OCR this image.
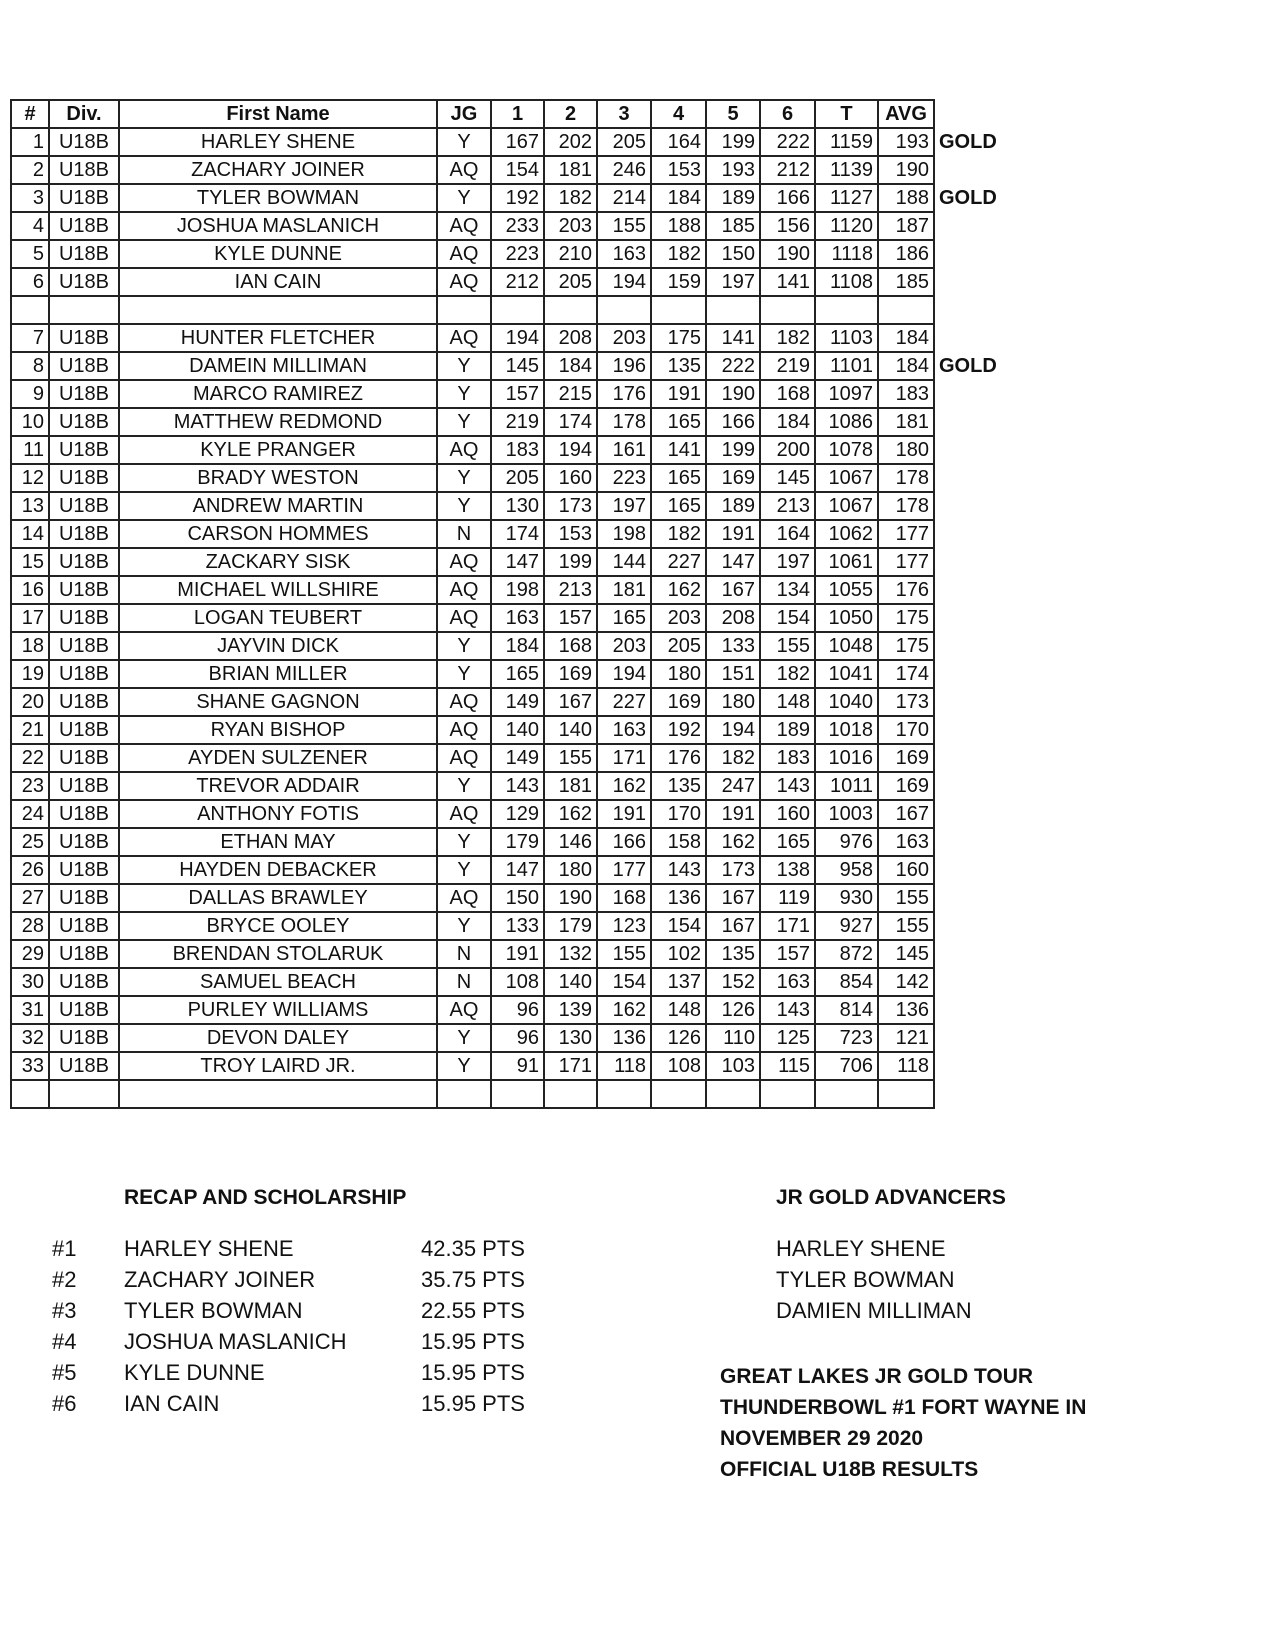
#	Div.	First Name	JG	1	2	3	4	5	6	T	AVG	
1	U18B	HARLEY SHENE	Y	167	202	205	164	199	222	1159	193	GOLD
2	U18B	ZACHARY JOINER	AQ	154	181	246	153	193	212	1139	190	
3	U18B	TYLER BOWMAN	Y	192	182	214	184	189	166	1127	188	GOLD
4	U18B	JOSHUA MASLANICH	AQ	233	203	155	188	185	156	1120	187	
5	U18B	KYLE DUNNE	AQ	223	210	163	182	150	190	1118	186	
6	U18B	IAN CAIN	AQ	212	205	194	159	197	141	1108	185	

7	U18B	HUNTER FLETCHER	AQ	194	208	203	175	141	182	1103	184	
8	U18B	DAMEIN MILLIMAN	Y	145	184	196	135	222	219	1101	184	GOLD
9	U18B	MARCO RAMIREZ	Y	157	215	176	191	190	168	1097	183	
10	U18B	MATTHEW REDMOND	Y	219	174	178	165	166	184	1086	181	
11	U18B	KYLE PRANGER	AQ	183	194	161	141	199	200	1078	180	
12	U18B	BRADY WESTON	Y	205	160	223	165	169	145	1067	178	
13	U18B	ANDREW MARTIN	Y	130	173	197	165	189	213	1067	178	
14	U18B	CARSON HOMMES	N	174	153	198	182	191	164	1062	177	
15	U18B	ZACKARY SISK	AQ	147	199	144	227	147	197	1061	177	
16	U18B	MICHAEL WILLSHIRE	AQ	198	213	181	162	167	134	1055	176	
17	U18B	LOGAN TEUBERT	AQ	163	157	165	203	208	154	1050	175	
18	U18B	JAYVIN DICK	Y	184	168	203	205	133	155	1048	175	
19	U18B	BRIAN MILLER	Y	165	169	194	180	151	182	1041	174	
20	U18B	SHANE GAGNON	AQ	149	167	227	169	180	148	1040	173	
21	U18B	RYAN BISHOP	AQ	140	140	163	192	194	189	1018	170	
22	U18B	AYDEN SULZENER	AQ	149	155	171	176	182	183	1016	169	
23	U18B	TREVOR ADDAIR	Y	143	181	162	135	247	143	1011	169	
24	U18B	ANTHONY FOTIS	AQ	129	162	191	170	191	160	1003	167	
25	U18B	ETHAN MAY	Y	179	146	166	158	162	165	976	163	
26	U18B	HAYDEN DEBACKER	Y	147	180	177	143	173	138	958	160	
27	U18B	DALLAS BRAWLEY	AQ	150	190	168	136	167	119	930	155	
28	U18B	BRYCE OOLEY	Y	133	179	123	154	167	171	927	155	
29	U18B	BRENDAN STOLARUK	N	191	132	155	102	135	157	872	145	
30	U18B	SAMUEL BEACH	N	108	140	154	137	152	163	854	142	
31	U18B	PURLEY WILLIAMS	AQ	96	139	162	148	126	143	814	136	
32	U18B	DEVON DALEY	Y	96	130	136	126	110	125	723	121	
33	U18B	TROY LAIRD JR.	Y	91	171	118	108	103	115	706	118	

RECAP AND SCHOLARSHIP
#1 HARLEY SHENE	42.35 PTS
#2 ZACHARY JOINER	35.75 PTS
#3 TYLER BOWMAN	22.55 PTS
#4 JOSHUA MASLANICH	15.95 PTS
#5 KYLE DUNNE	15.95 PTS
#6 IAN CAIN	15.95 PTS
JR GOLD ADVANCERS
HARLEY SHENE
TYLER BOWMAN
DAMIEN MILLIMAN
GREAT LAKES JR GOLD TOUR
THUNDERBOWL #1 FORT WAYNE IN
NOVEMBER 29 2020
OFFICIAL U18B RESULTS
